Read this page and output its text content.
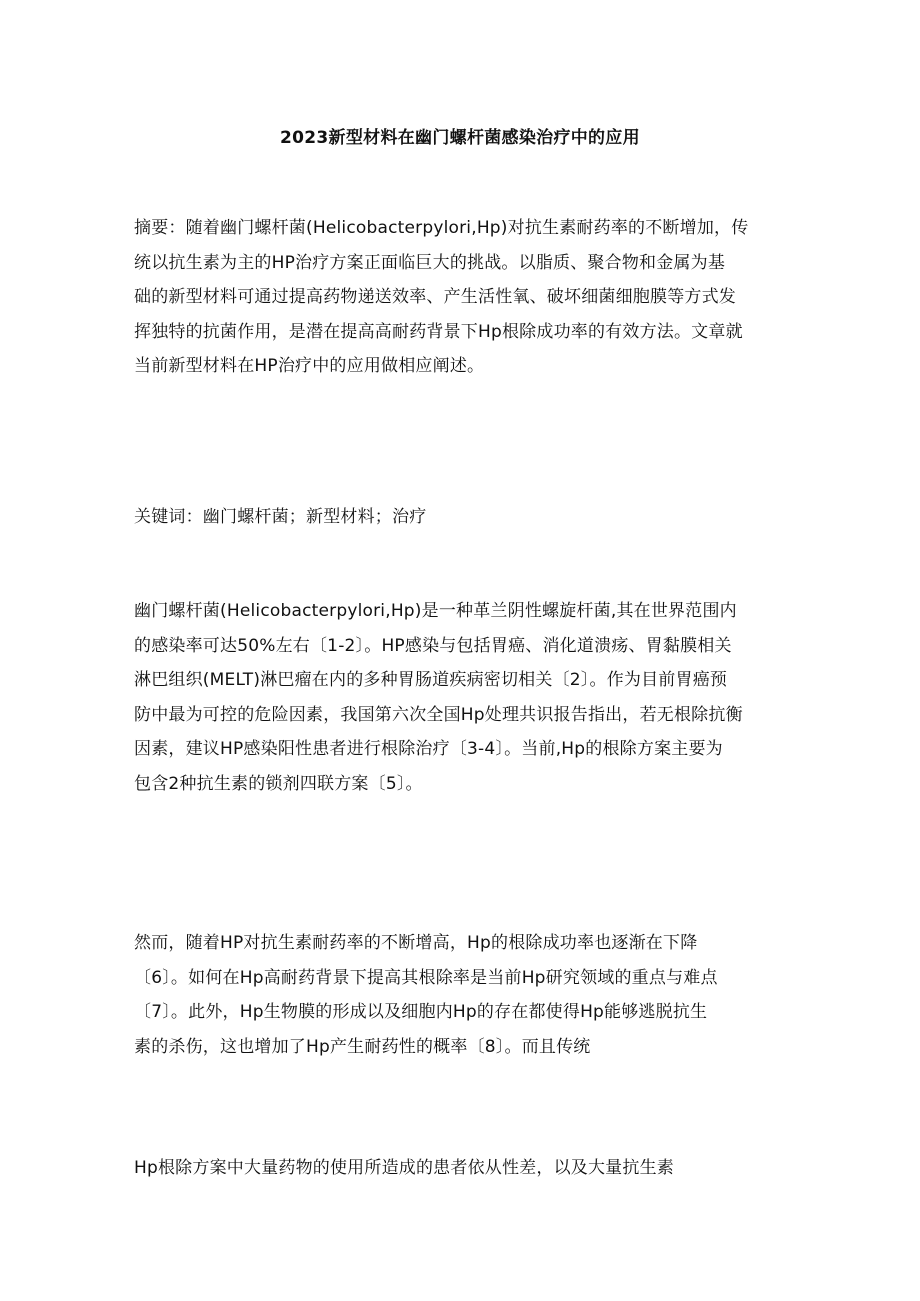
2023新型材料在幽门螺杆菌感染治疗中的应用
摘要：随着幽门螺杆菌(Helicobacterpylori,Hp)对抗生素耐药率的不断增加，传
统以抗生素为主的HP治疗方案正面临巨大的挑战。以脂质、聚合物和金属为基
础的新型材料可通过提高药物递送效率、产生活性氧、破坏细菌细胞膜等方式发
挥独特的抗菌作用，是潜在提高高耐药背景下Hp根除成功率的有效方法。文章就
当前新型材料在HP治疗中的应用做相应阐述。
关键词：幽门螺杆菌；新型材料；治疗
幽门螺杆菌(Helicobacterpylori,Hp)是一种革兰阴性螺旋杆菌,其在世界范围内
的感染率可达50%左右〔1-2〕。HP感染与包括胃癌、消化道溃疡、胃黏膜相关
淋巴组织(MELT)淋巴瘤在内的多种胃肠道疾病密切相关〔2〕。作为目前胃癌预
防中最为可控的危险因素，我国第六次全国Hp处理共识报告指出，若无根除抗衡
因素，建议HP感染阳性患者进行根除治疗〔3-4〕。当前,Hp的根除方案主要为
包含2种抗生素的锁剂四联方案〔5〕。
然而，随着HP对抗生素耐药率的不断增高，Hp的根除成功率也逐渐在下降
〔6〕。如何在Hp高耐药背景下提高其根除率是当前Hp研究领域的重点与难点
〔7〕。此外，Hp生物膜的形成以及细胞内Hp的存在都使得Hp能够逃脱抗生
素的杀伤，这也增加了Hp产生耐药性的概率〔8〕。而且传统
Hp根除方案中大量药物的使用所造成的患者依从性差，以及大量抗生素
